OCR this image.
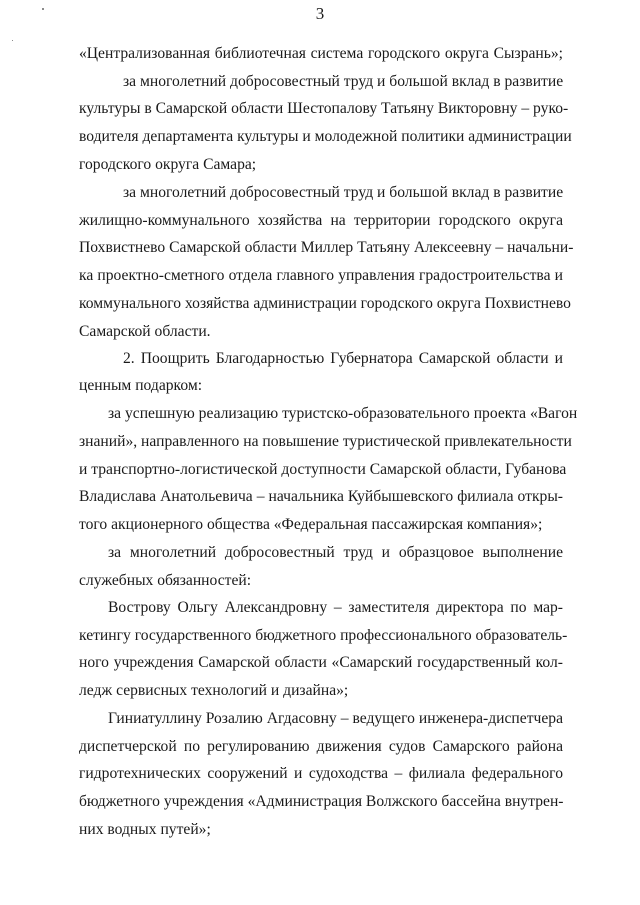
3
«Централизованная библиотечная система городского округа Сызрань»;
за многолетний добросовестный труд и большой вклад в развитие
культуры в Самарской области Шестопалову Татьяну Викторовну – руко-
водителя департамента культуры и молодежной политики администрации
городского округа Самара;
за многолетний добросовестный труд и большой вклад в развитие
жилищно-коммунального хозяйства на территории городского округа
Похвистнево Самарской области Миллер Татьяну Алексеевну – начальни-
ка проектно-сметного отдела главного управления градостроительства и
коммунального хозяйства администрации городского округа Похвистнево
Самарской области.
2. Поощрить Благодарностью Губернатора Самарской области и
ценным подарком:
за успешную реализацию туристско-образовательного проекта «Вагон
знаний», направленного на повышение туристической привлекательности
и транспортно-логистической доступности Самарской области, Губанова
Владислава Анатольевича – начальника Куйбышевского филиала откры-
того акционерного общества «Федеральная пассажирская компания»;
за многолетний добросовестный труд и образцовое выполнение
служебных обязанностей:
Вострову Ольгу Александровну – заместителя директора по мар-
кетингу государственного бюджетного профессионального образователь-
ного учреждения Самарской области «Самарский государственный кол-
ледж сервисных технологий и дизайна»;
Гиниатуллину Розалию Агдасовну – ведущего инженера-диспетчера
диспетчерской по регулированию движения судов Самарского района
гидротехнических сооружений и судоходства – филиала федерального
бюджетного учреждения «Администрация Волжского бассейна внутрен-
них водных путей»;
